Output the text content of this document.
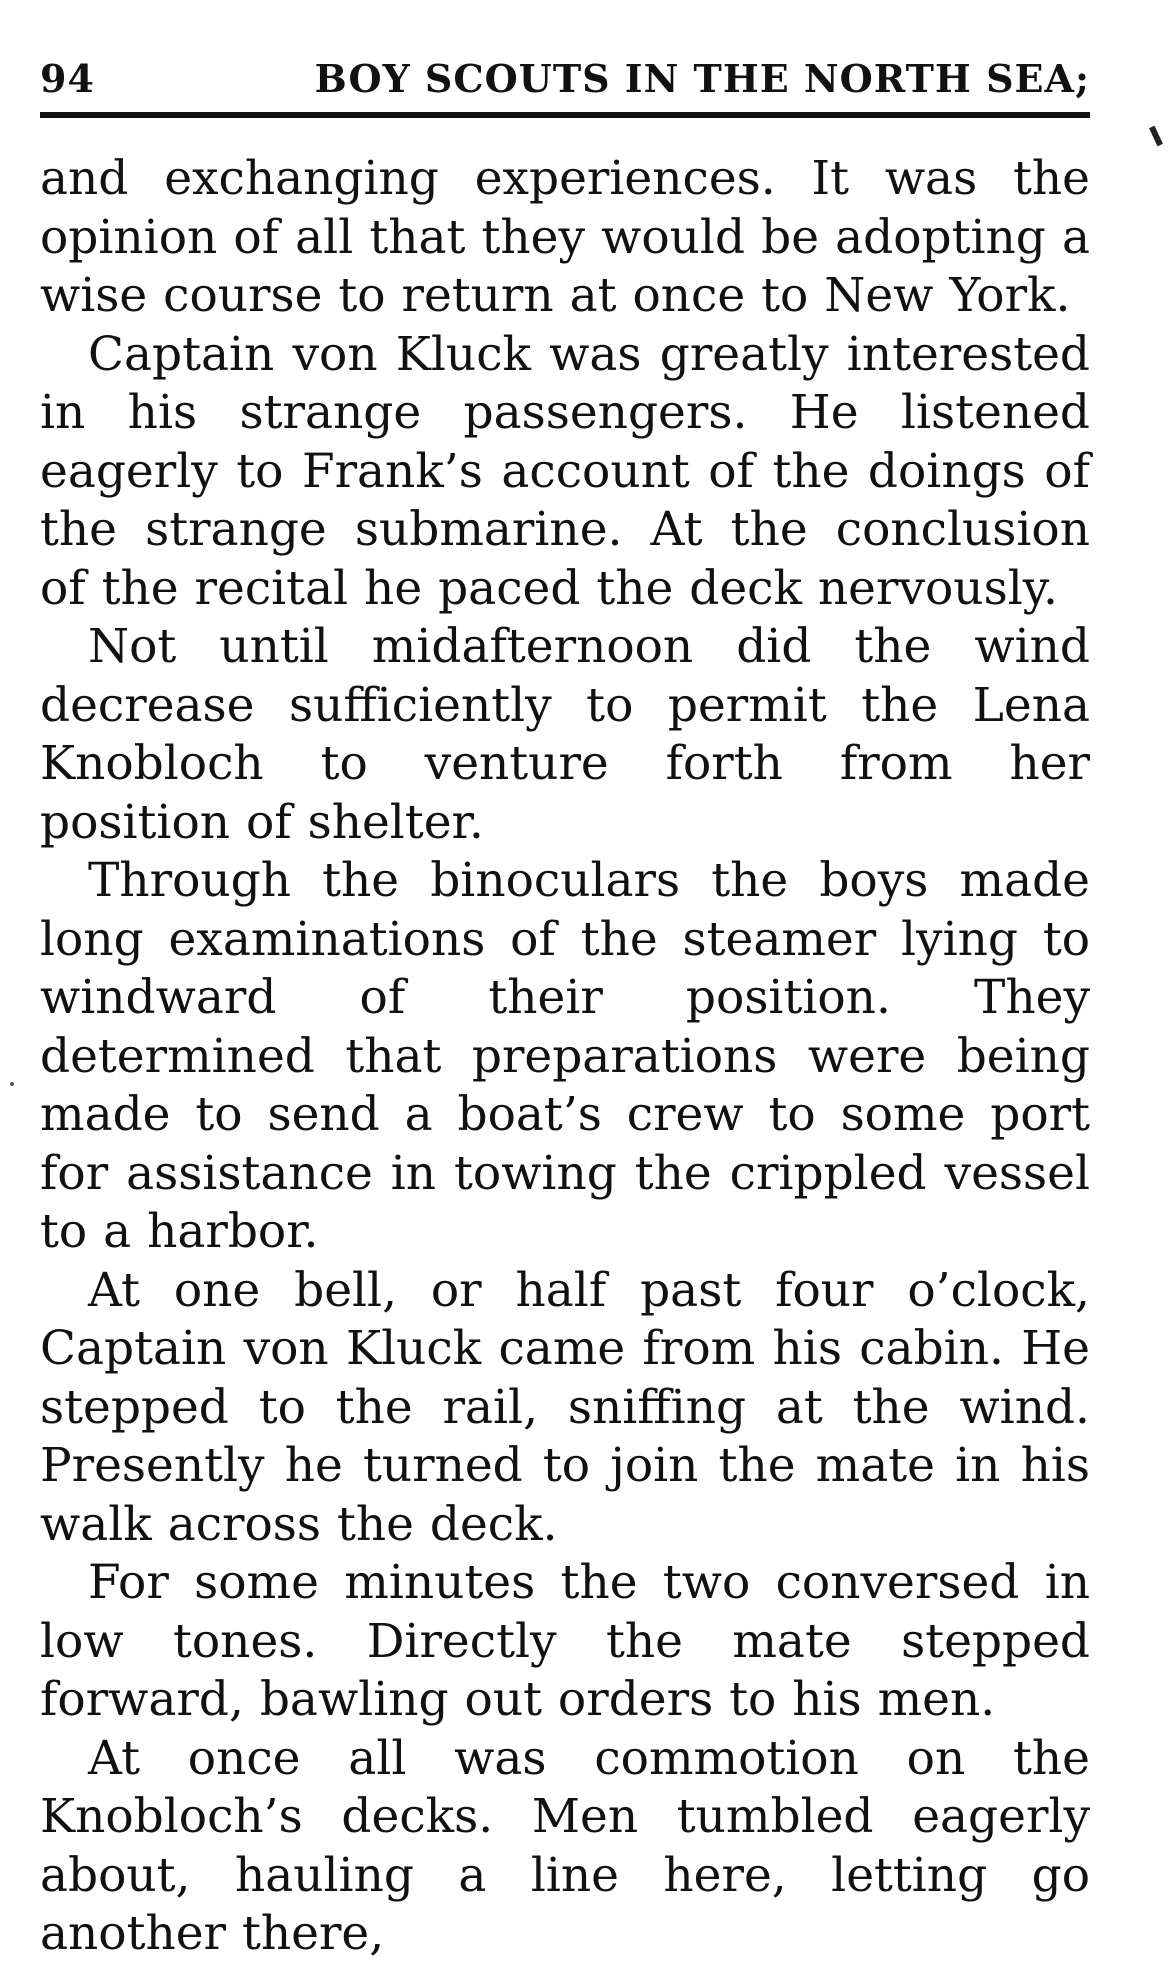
94	BOY SCOUTS IN THE NORTH SEA;

and exchanging experiences. It was the opinion of all that they would be adopting a wise course to return at once to New York.

Captain von Kluck was greatly interested in his strange passengers. He listened eagerly to Frank’s account of the doings of the strange submarine. At the conclusion of the recital he paced the deck nervously.

Not until midafternoon did the wind decrease sufficiently to permit the Lena Knobloch to venture forth from her position of shelter.

Through the binoculars the boys made long examinations of the steamer lying to windward of their position. They determined that preparations were being made to send a boat’s crew to some port for assistance in towing the crippled vessel to a harbor.

At one bell, or half past four o’clock, Captain von Kluck came from his cabin. He stepped to the rail, sniffing at the wind. Presently he turned to join the mate in his walk across the deck.

For some minutes the two conversed in low tones. Directly the mate stepped forward, bawling out orders to his men.

At once all was commotion on the Knobloch’s decks. Men tumbled eagerly about, hauling a line here, letting go another there,
